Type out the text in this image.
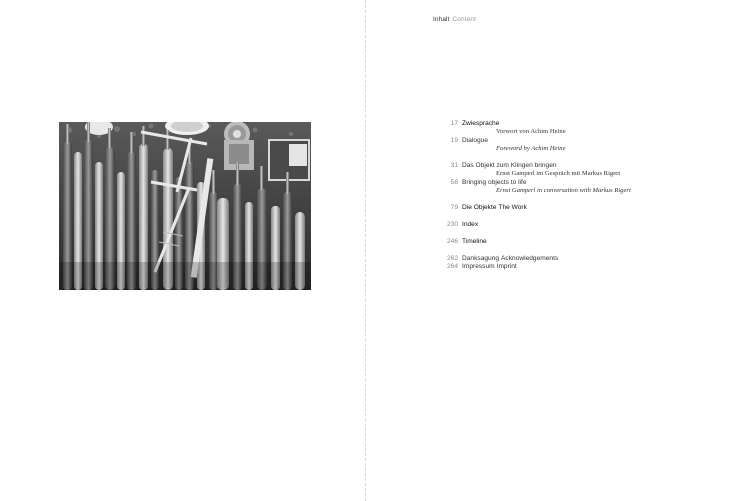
Inhalt Content
17 Zwiesprache
Vorwort von Achim Heine
19 Dialogue
Foreword by Achim Heine
31 Das Objekt zum Klingen bringen
Ernst Gamperl im Gespräch mit Markus Rigert
58 Bringing objects to life
Ernst Gamperl in conversation with Markus Rigert
79 Die Objekte The Work
230 Index
246 Timeline
262 Danksagung Acknowledgements
264 Impressum Imprint
